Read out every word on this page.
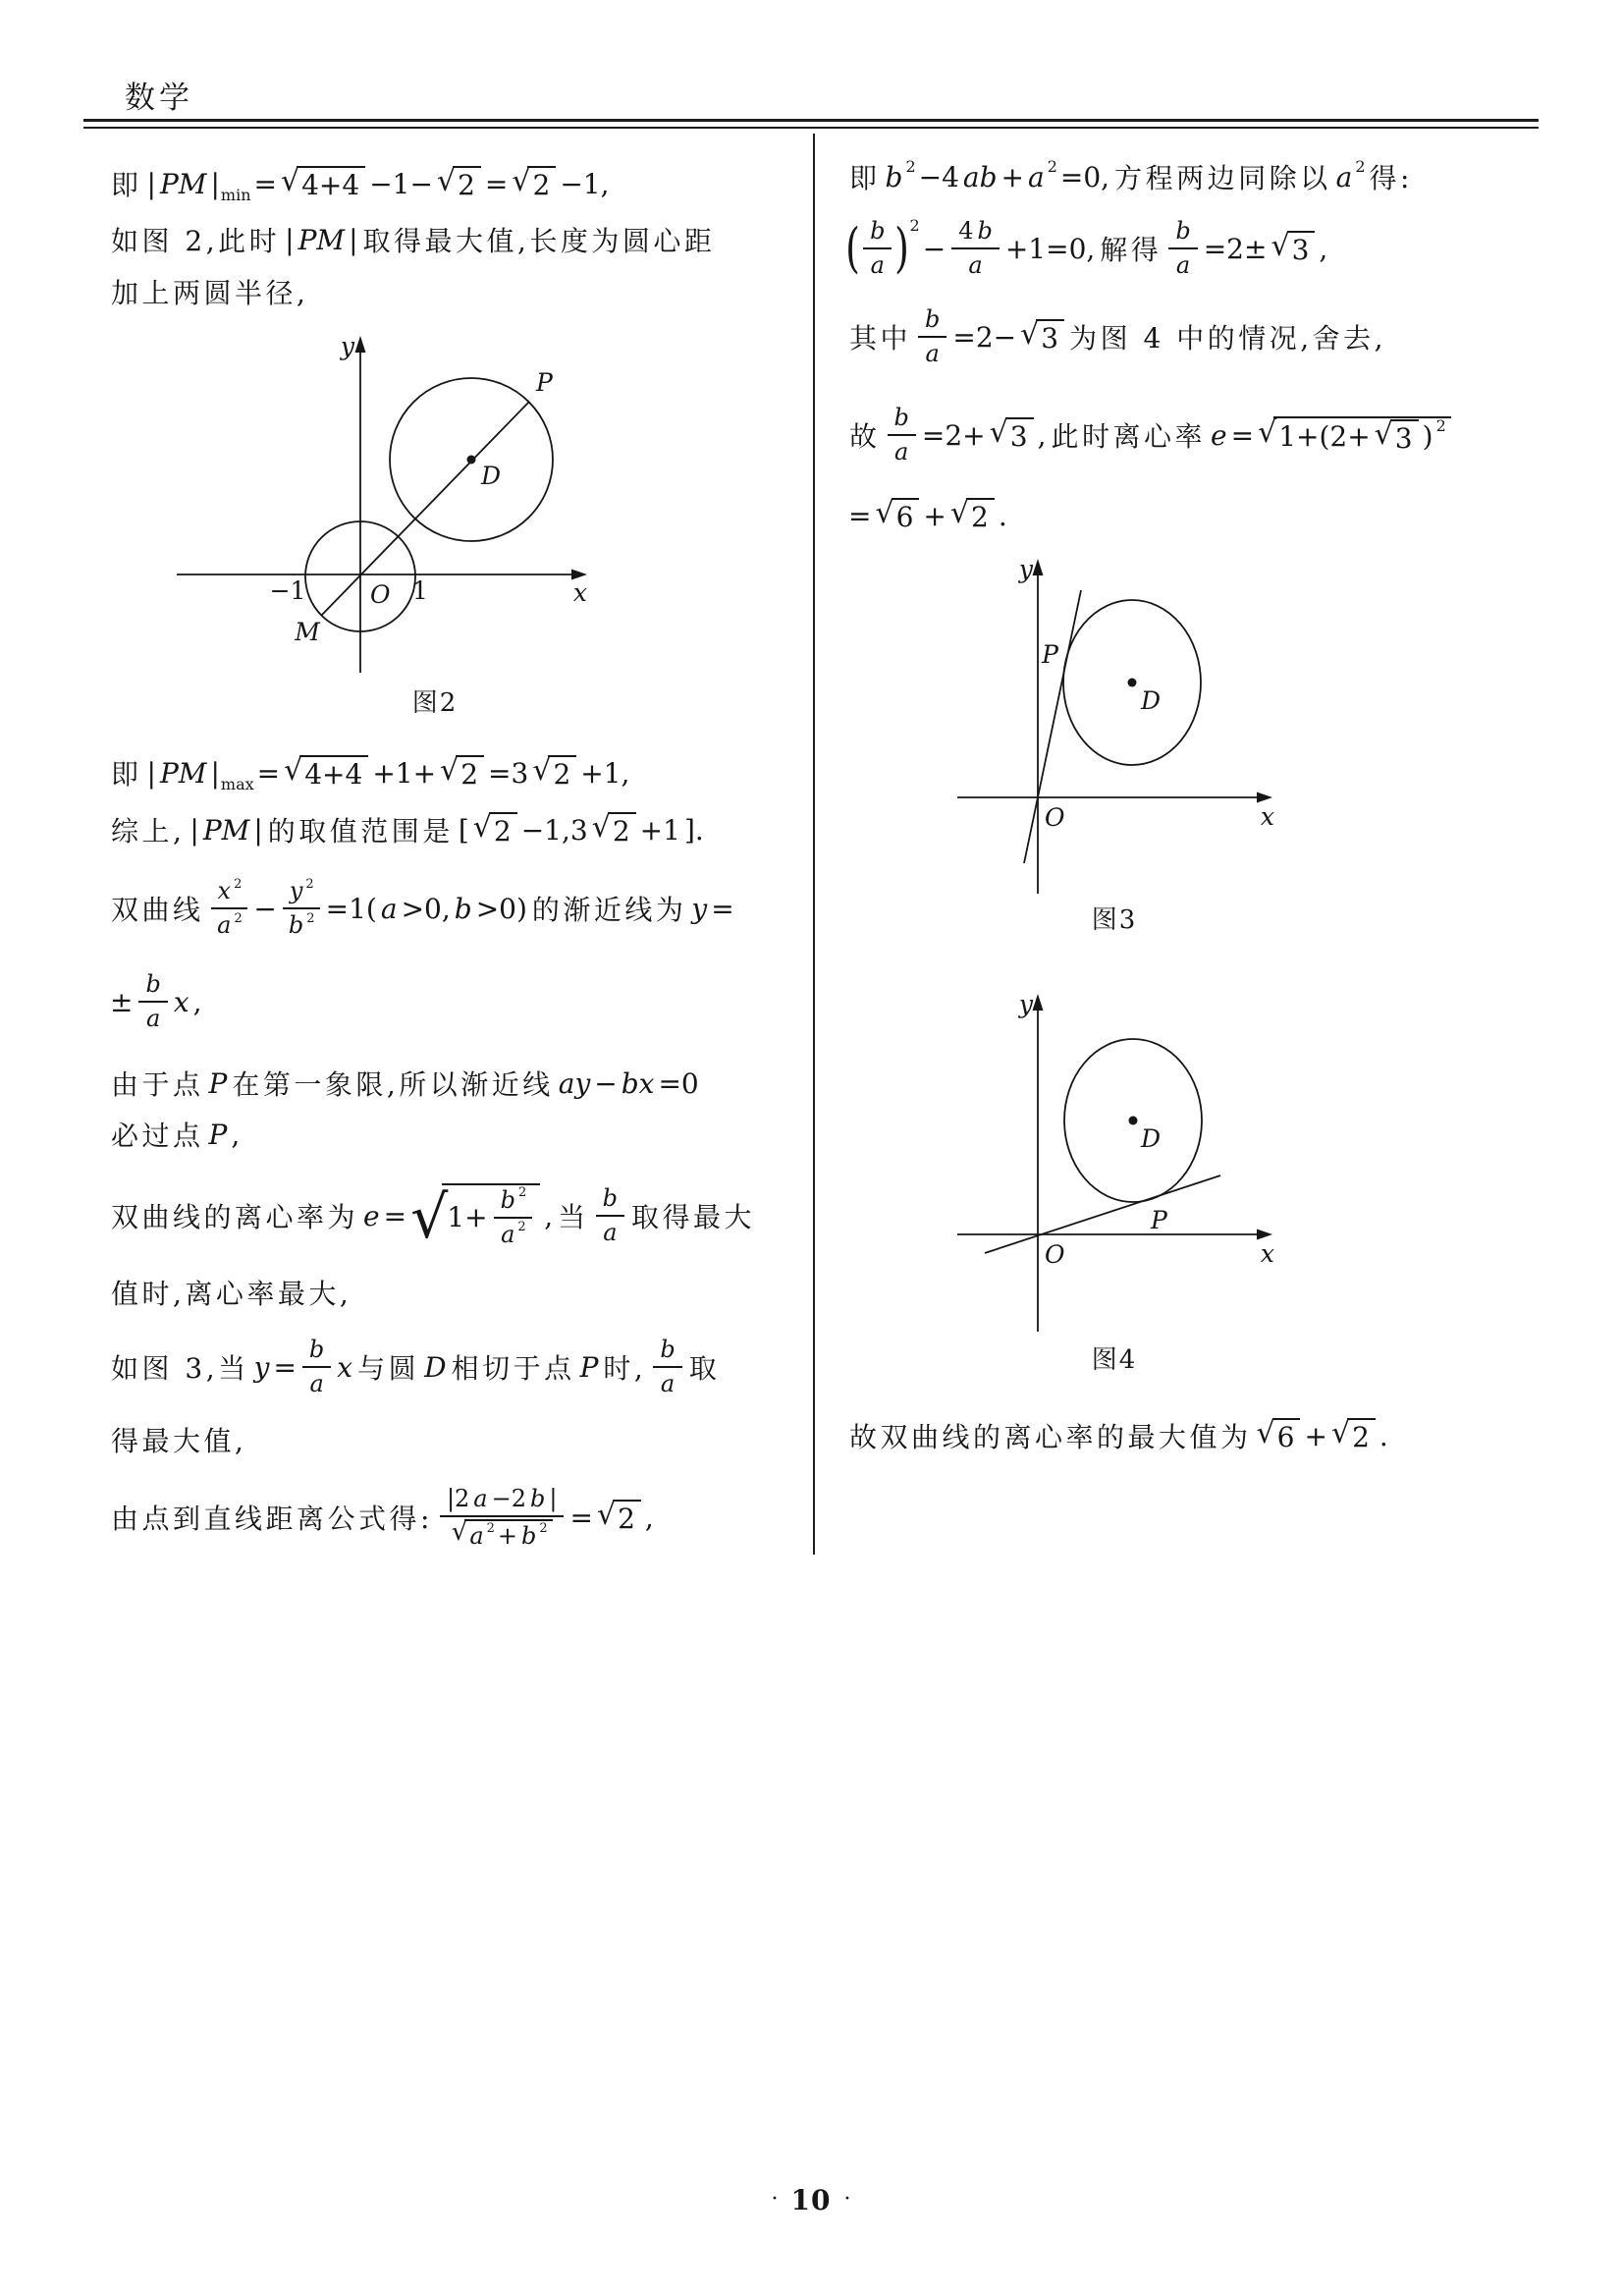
数学
即 | PM | min = √ 4+4 −1− √ 2 = √ 2 −1,
如图 2,此时 | PM | 取得最大值,长度为圆心距
加上两圆半径,
y
x
O
−1	1
M
P
D
图2
即 | PM | max = √ 4+4 +1+ √ 2 =3 √ 2 +1,
综上, | PM | 的取值范围是 [ √ 2 −1,3 √ 2 +1 ].
双曲线 $\frac{x 2}{a 2} - \frac{y 2}{b 2} =1$( a >0, b >0) 的渐近线为 y =
± $\frac{b}{a}$ x ,
由于点 P 在第一象限,所以渐近线 ay − bx =0
必过点 P ,
双曲线的离心率为 e = √ $1+ \frac{b 2}{a 2}$ , 当 $\frac{b}{a}$ 取得最大
值时,离心率最大,
如图 3,当 $y = \frac{b}{a}$ x 与圆 D 相切于点 P 时, $\frac{b}{a}$ 取
得最大值,
由点到直线距离公式得: $\frac{|2 a -2 b |}{√ a 2 + b 2}$ = √ 2 ,
即 b 2 −4 ab + a 2 =0, 方程两边同除以 a 2 得:
( $\frac{b}{a}$ ) 2
− $\frac{4 b}{a} +1=0$, 解得 $\frac{b}{a} =2\pm$ √ 3 ,
其中 $\frac{b}{a} =2-$ √ 3 为图 4 中的情况,舍去,
故 $\frac{b}{a} =2+$ √ 3 , 此时离心率 e = √ 1+(2+ √ 3 ) 2
= √ 6 + √ 2 .
y
x
O
P
D
图3
y
x
O
P
D
图4
故双曲线的离心率的最大值为 √ 6 + √ 2 .
· 10 ·
